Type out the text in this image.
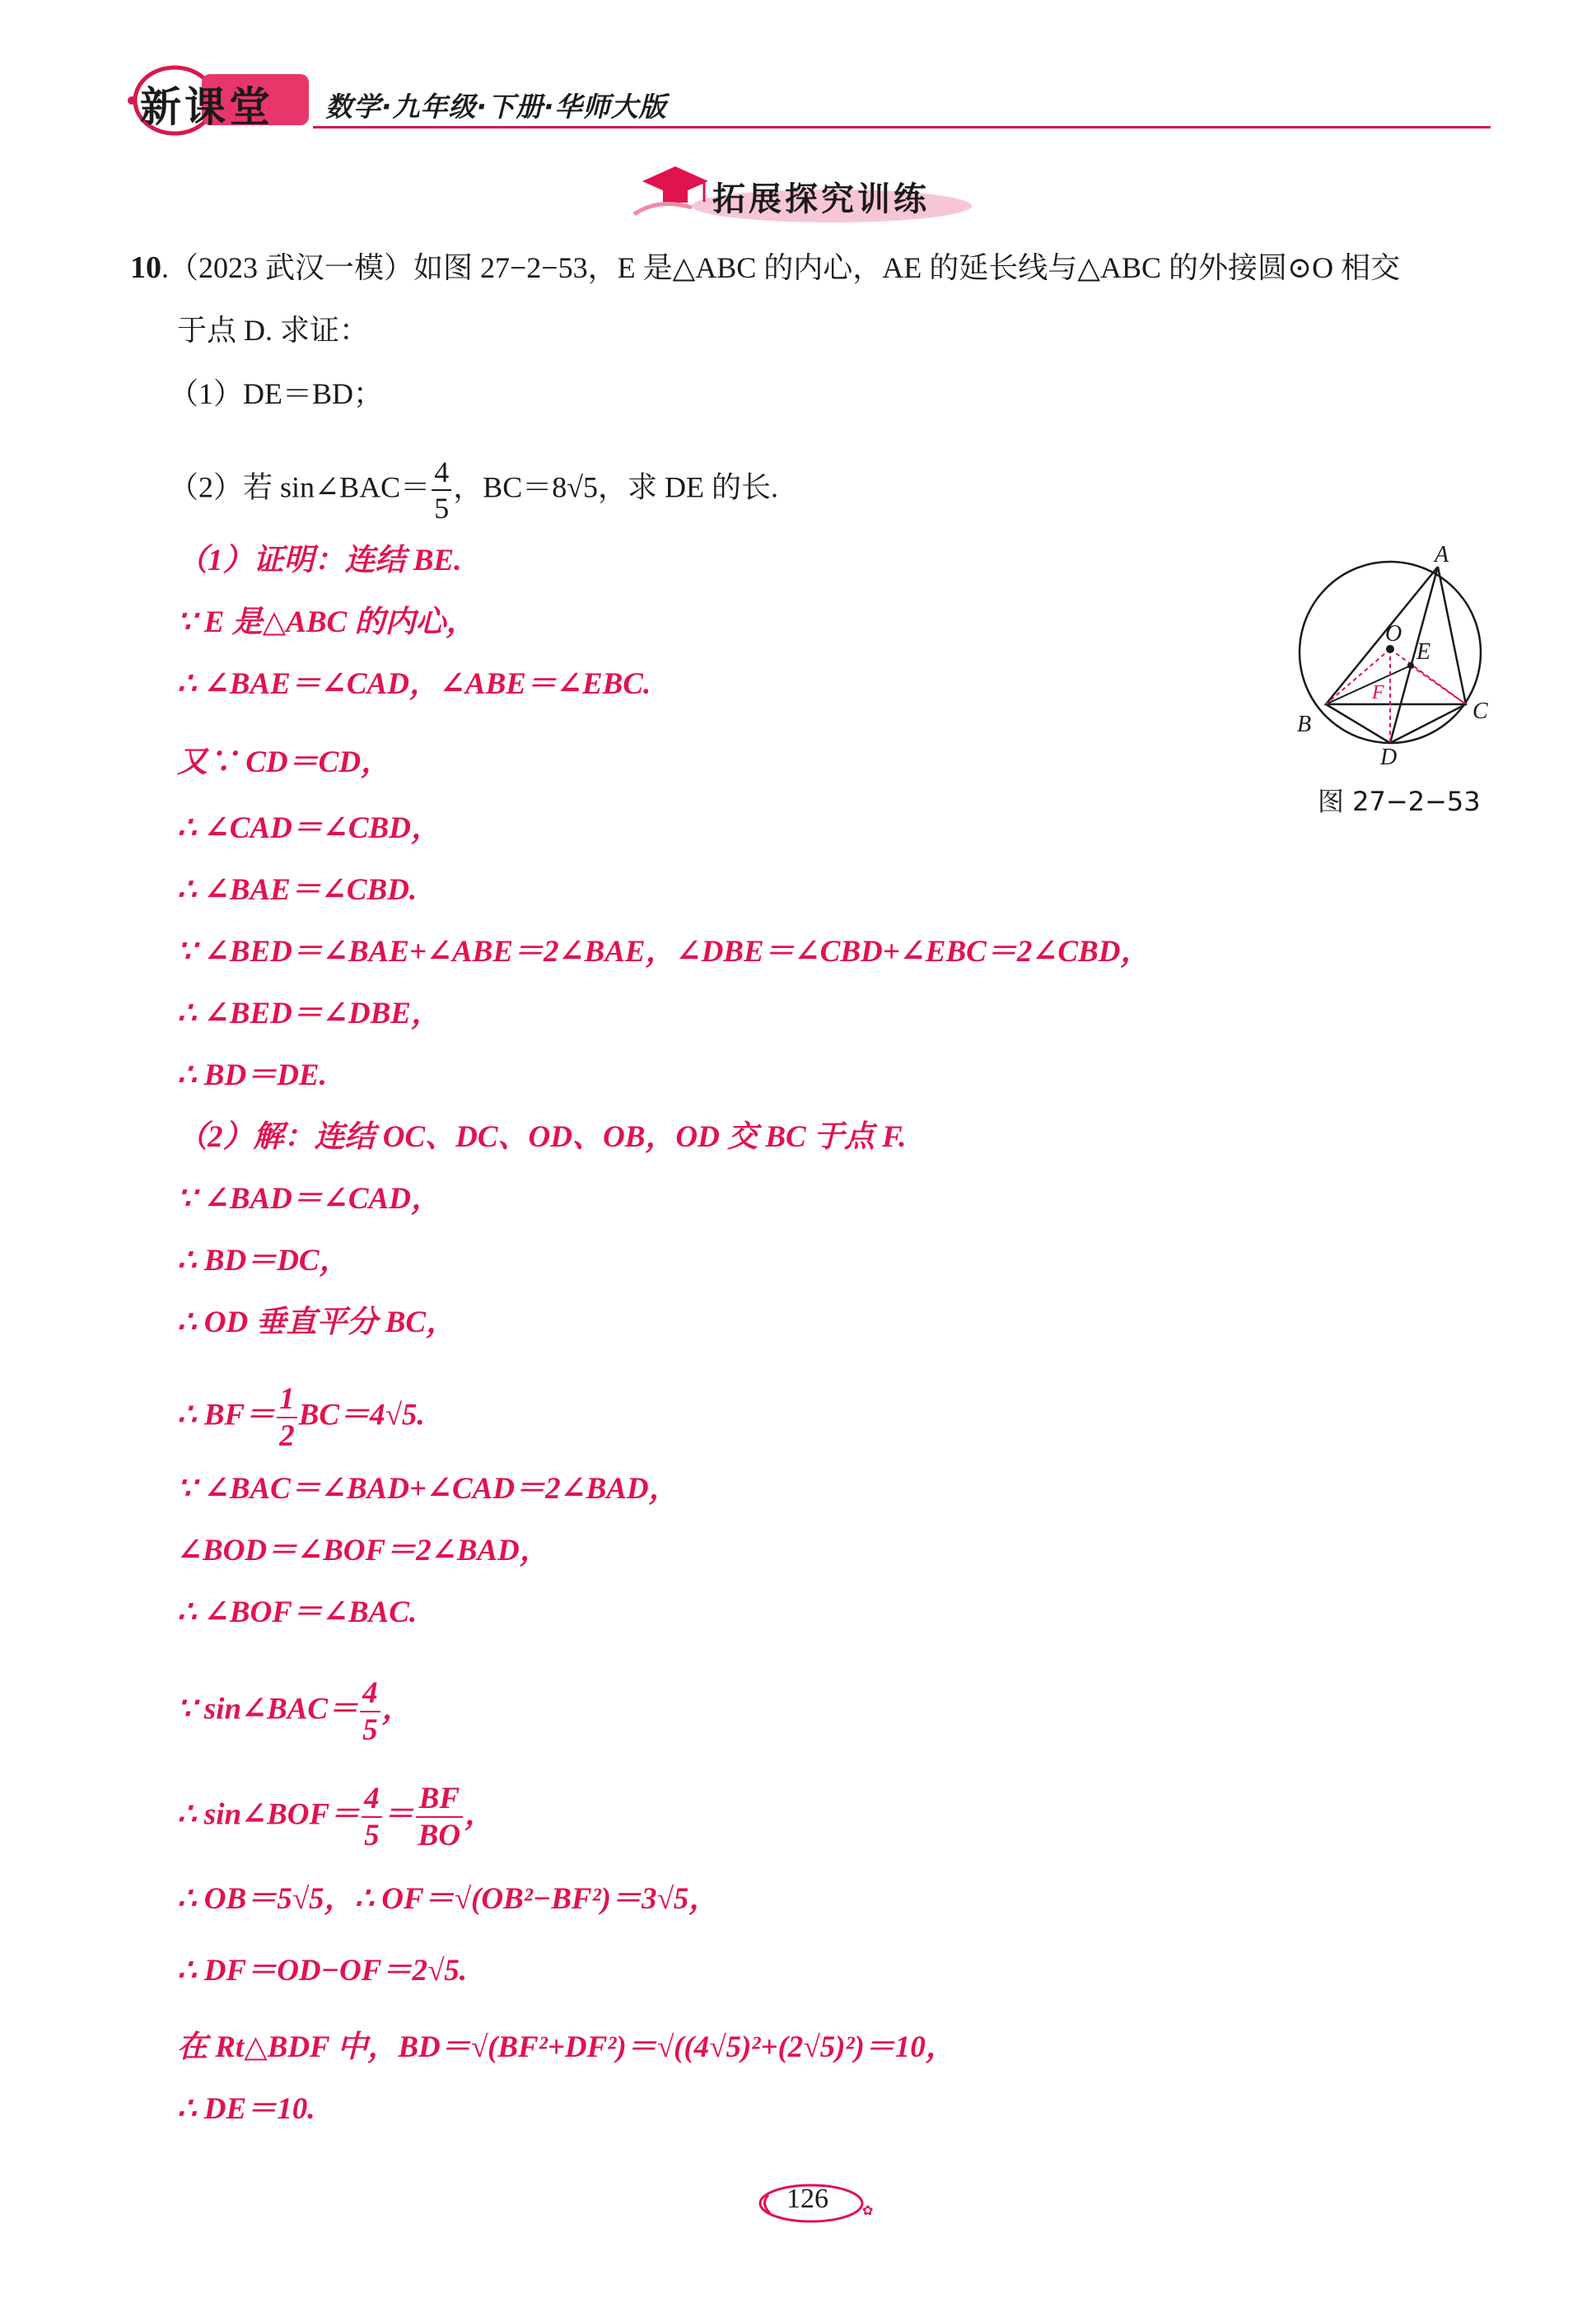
新课堂 数学·九年级·下册·华师大版
拓展探究训练
10.（2023 武汉一模）如图 27−2−53，E 是△ABC 的内心，AE 的延长线与△ABC 的外接圆⊙O 相交
于点 D. 求证：
（1）DE＝BD；
（2）若 sin∠BAC＝ $\frac{4}{5}$ ，BC＝8√5，求 DE 的长.
（1）证明：连结 BE.
∵ E 是△ABC 的内心，
∴ ∠BAE＝∠CAD，∠ABE＝∠EBC.
又∵ CD＝CD，
∴ ∠CAD＝∠CBD，
∴ ∠BAE＝∠CBD.
∵ ∠BED＝∠BAE+∠ABE＝2∠BAE，∠DBE＝∠CBD+∠EBC＝2∠CBD，
∴ ∠BED＝∠DBE，
∴ BD＝DE.
（2）解：连结 OC、DC、OD、OB，OD 交 BC 于点 F.
∵ ∠BAD＝∠CAD，
∴ BD＝DC，
∴ OD 垂直平分 BC，
∴ $BF= \frac{1}{2} BC=4√5$.
∵ ∠BAC＝∠BAD+∠CAD＝2∠BAD，
∠BOD＝∠BOF＝2∠BAD，
∴ ∠BOF＝∠BAC.
∵ sin∠BAC＝ $\frac{4}{5}$ ，
∴ sin∠BOF＝ $\frac{4}{5} = \frac{BF}{BO}$ ，
∴ OB＝5√5，∴ OF＝√(OB²−BF²)＝3√5，
∴ DF＝OD−OF＝2√5.
在 Rt△BDF 中，BD＝√(BF²+DF²)＝√((4√5)²+(2√5)²)＝10，
∴ DE＝10.
A
B
C
D
E
O
F
图 27−2−53
✿
126
